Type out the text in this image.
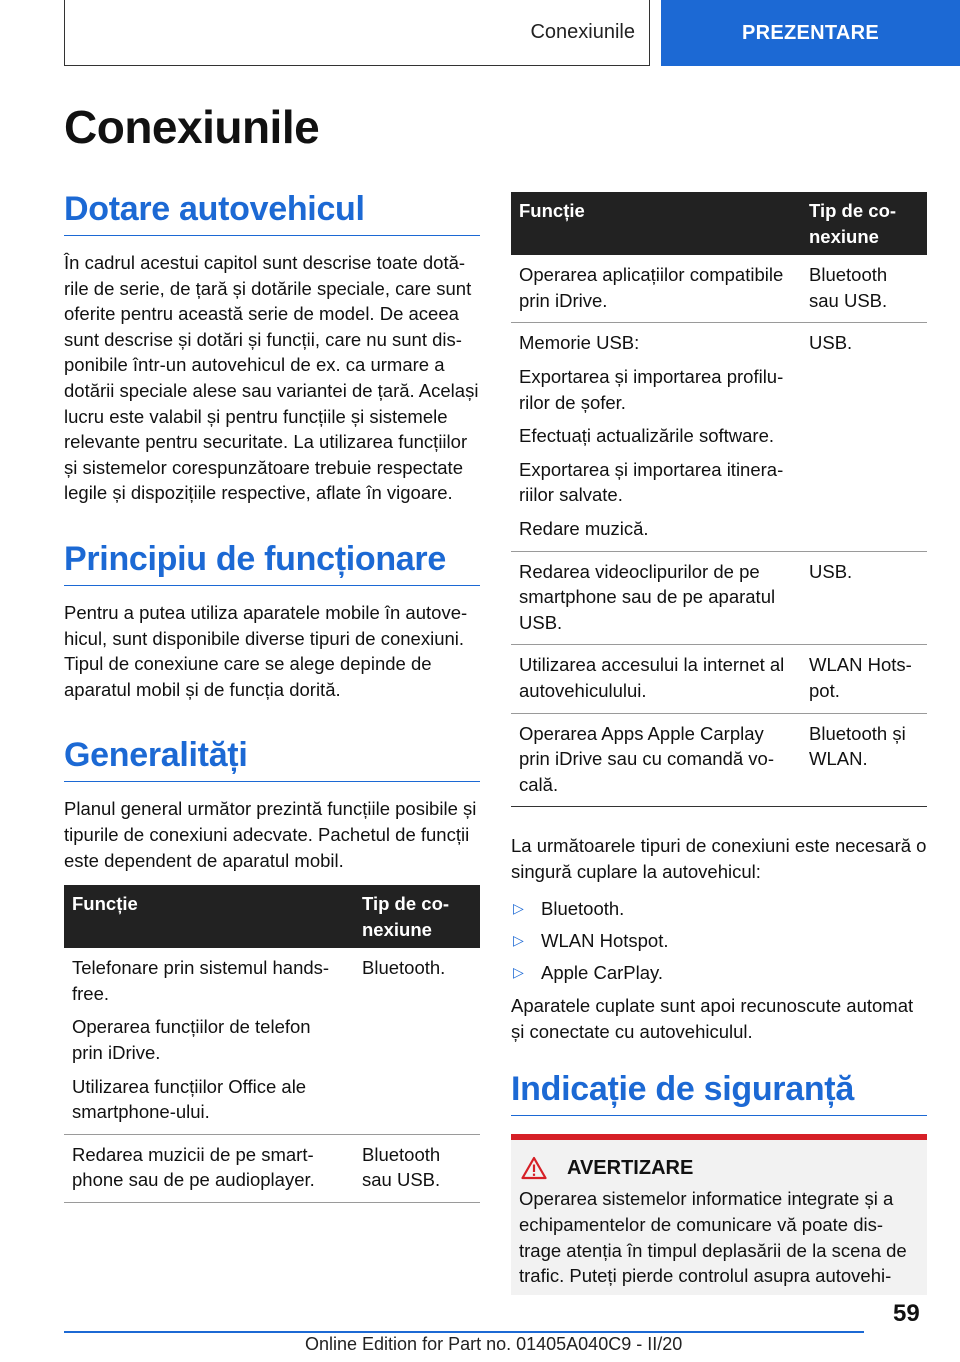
Conexiunile	PREZENTARE
Conexiunile
Dotare autovehicul

În cadrul acestui capitol sunt descrise toate dotările de serie, de țară și dotările speciale, care sunt oferite pentru această serie de model. De aceea sunt descrise și dotări și funcții, care nu sunt disponibile într-un autovehicul de ex. ca urmare a dotării speciale alese sau variantei de țară. Același lucru este valabil și pentru funcțiile și sistemele relevante pentru securitate. La utilizarea funcțiilor și sistemelor corespunzătoare trebuie respectate legile și dispozițiile respective, aflate în vigoare.

Principiu de funcționare

Pentru a putea utiliza aparatele mobile în autovehicul, sunt disponibile diverse tipuri de conexiuni. Tipul de conexiune care se alege depinde de aparatul mobil și de funcția dorită.

Generalități

Planul general următor prezintă funcțiile posibile și tipurile de conexiuni adecvate. Pachetul de funcții este dependent de aparatul mobil.

Funcție	Tip de conexiune

Telefonare prin sistemul hands-free.
Operarea funcțiilor de telefon prin iDrive.
Utilizarea funcțiilor Office ale smartphone-ului.	Bluetooth.

Redarea muzicii de pe smartphone sau de pe audioplayer.	Bluetooth sau USB.
Funcție	Tip de conexiune

Operarea aplicațiilor compatibile prin iDrive.	Bluetooth sau USB.

Memorie USB:
Exportarea și importarea profilurilor de șofer.
Efectuați actualizările software.
Exportarea și importarea itinerariilor salvate.
Redare muzică.	USB.

Redarea videoclipurilor de pe smartphone sau de pe aparatul USB.	USB.

Utilizarea accesului la internet al autovehiculului.	WLAN Hotspot.

Operarea Apps Apple Carplay prin iDrive sau cu comandă vocală.	Bluetooth și WLAN.

La următoarele tipuri de conexiuni este necesară o singură cuplare la autovehicul:

▷ Bluetooth.
▷ WLAN Hotspot.
▷ Apple CarPlay.

Aparatele cuplate sunt apoi recunoscute automat și conectate cu autovehiculul.

Indicație de siguranță
AVERTIZARE
Operarea sistemelor informatice integrate și a echipamentelor de comunicare vă poate distrage atenția în timpul deplasării de la scena de trafic. Puteți pierde controlul asupra autovehi-
59
Online Edition for Part no. 01405A040C9 - II/20
